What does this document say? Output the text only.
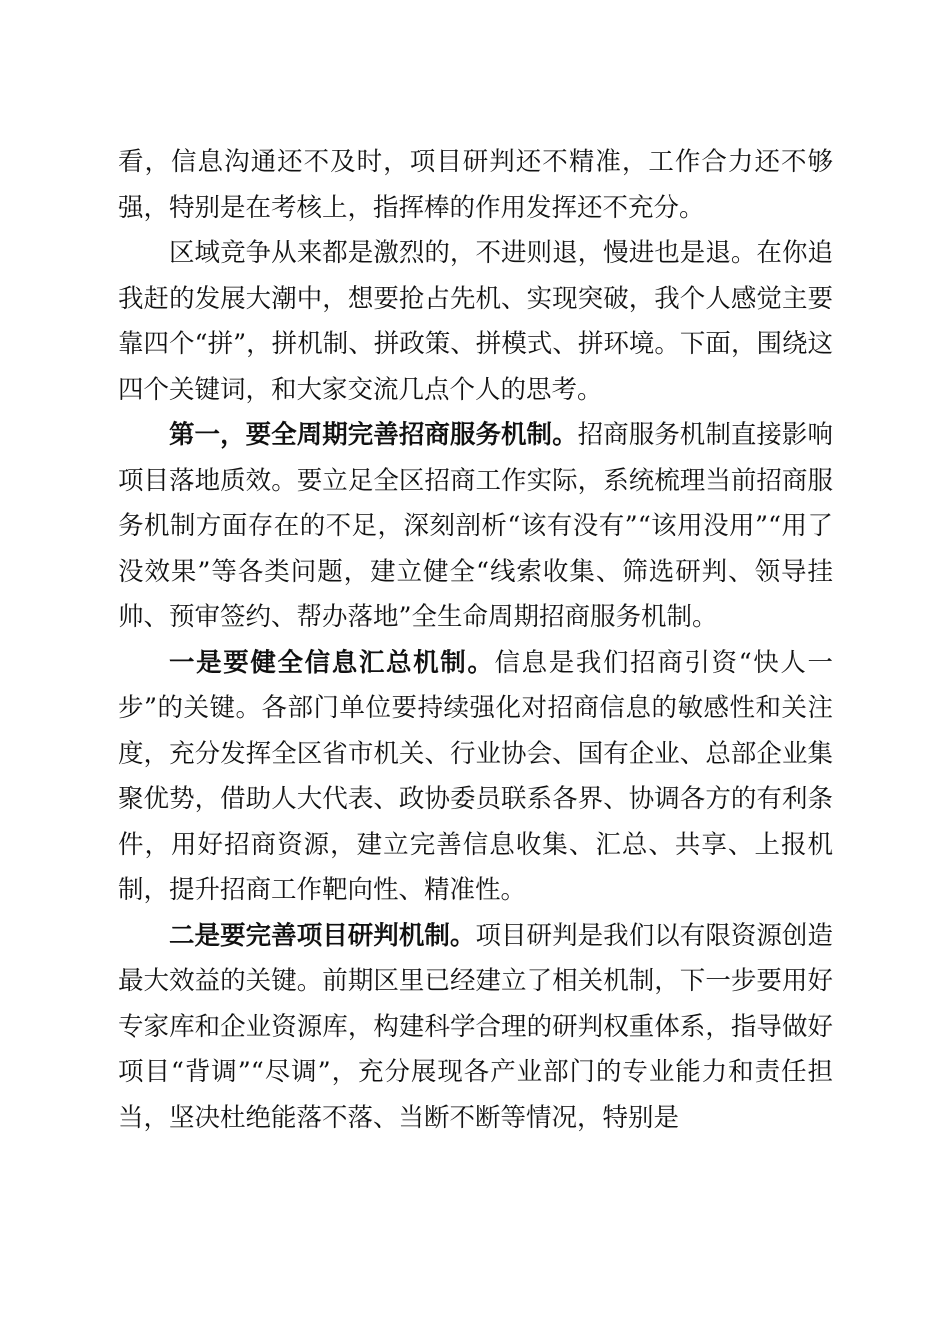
看，信息沟通还不及时，项目研判还不精准，工作合力还不够强，特别是在考核上，指挥棒的作用发挥还不充分。

区域竞争从来都是激烈的，不进则退，慢进也是退。在你追我赶的发展大潮中，想要抢占先机、实现突破，我个人感觉主要靠四个“拼”，拼机制、拼政策、拼模式、拼环境。下面，围绕这四个关键词，和大家交流几点个人的思考。

第一，要全周期完善招商服务机制。招商服务机制直接影响项目落地质效。要立足全区招商工作实际，系统梳理当前招商服务机制方面存在的不足，深刻剖析“该有没有”“该用没用”“用了没效果”等各类问题，建立健全“线索收集、筛选研判、领导挂帅、预审签约、帮办落地”全生命周期招商服务机制。

一是要健全信息汇总机制。信息是我们招商引资“快人一步”的关键。各部门单位要持续强化对招商信息的敏感性和关注度，充分发挥全区省市机关、行业协会、国有企业、总部企业集聚优势，借助人大代表、政协委员联系各界、协调各方的有利条件，用好招商资源，建立完善信息收集、汇总、共享、上报机制，提升招商工作靶向性、精准性。

二是要完善项目研判机制。项目研判是我们以有限资源创造最大效益的关键。前期区里已经建立了相关机制，下一步要用好专家库和企业资源库，构建科学合理的研判权重体系，指导做好项目“背调”“尽调”，充分展现各产业部门的专业能力和责任担当，坚决杜绝能落不落、当断不断等情况，特别是
